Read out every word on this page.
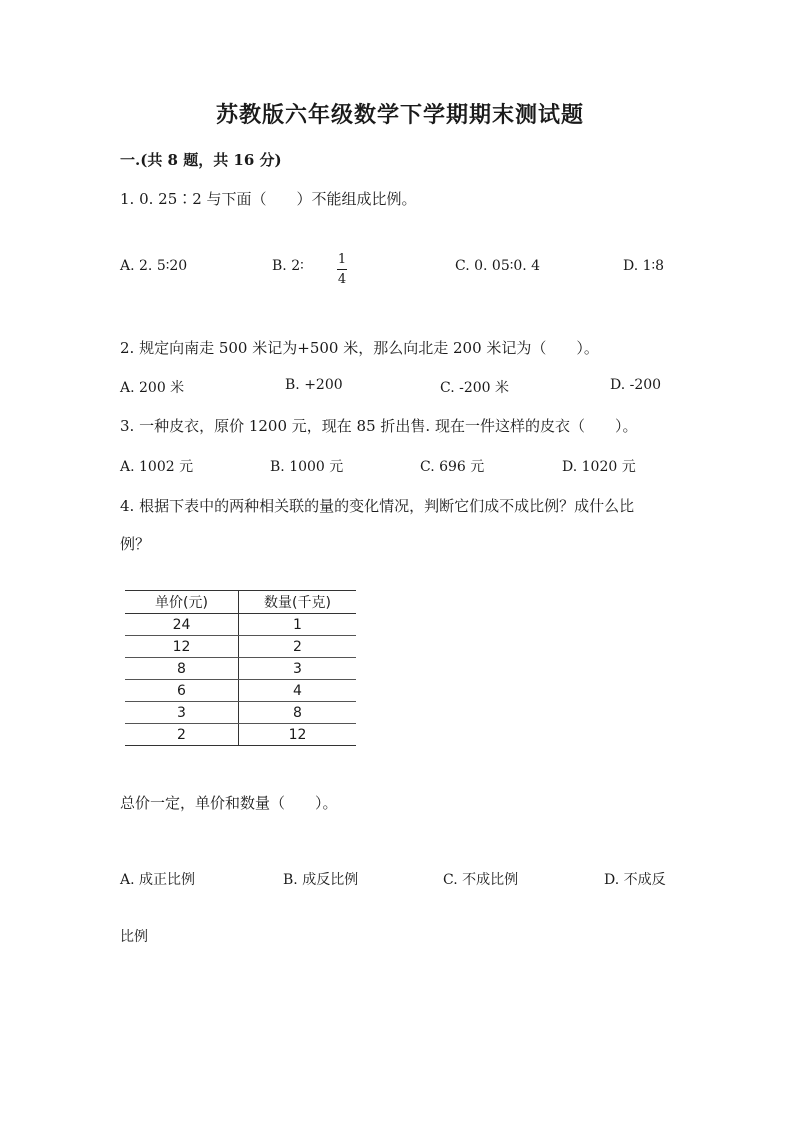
苏教版六年级数学下学期期末测试题
一.(共 8 题，共 16 分)
1. 0. 25∶2 与下面（　　）不能组成比例。
A. 2. 5∶20	B. 2∶	1
4
C. 0. 05∶0. 4	D. 1∶8
2. 规定向南走 500 米记为+500 米，那么向北走 200 米记为（　　）。
A. 200 米	B. +200	C. -200 米	D. -200
3. 一种皮衣，原价 1200 元，现在 85 折出售. 现在一件这样的皮衣（　　）。
A. 1002 元	B. 1000 元	C. 696 元	D. 1020 元
4. 根据下表中的两种相关联的量的变化情况，判断它们成不成比例？成什么比
例？
单价(元)	数量(千克)
24	1
12	2
8	3
6	4
3	8
2	12
总价一定，单价和数量（　　）。
A. 成正比例	B. 成反比例	C. 不成比例	D. 不成反
比例
